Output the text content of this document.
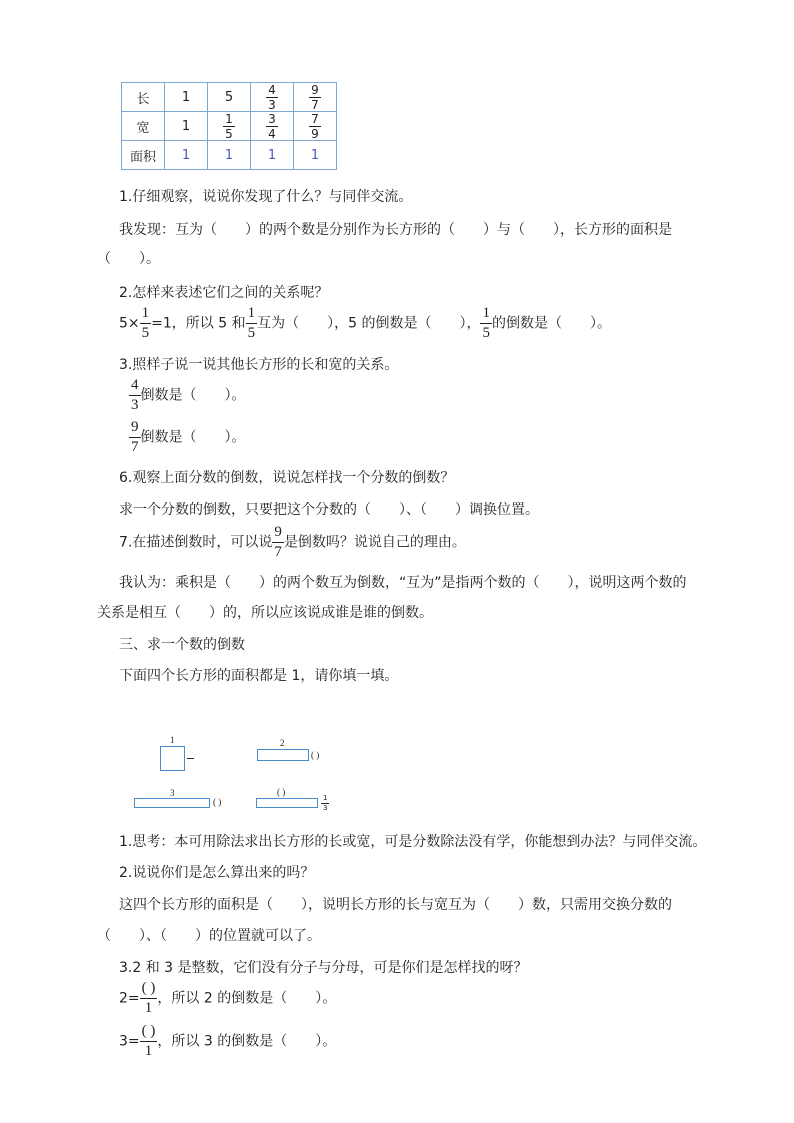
长	1	5	$\frac{4}{3}$	$\frac{9}{7}$

宽	1	$\frac{1}{5}$	$\frac{3}{4}$	$\frac{7}{9}$

面积	1	1	1	1
1.仔细观察，说说你发现了什么？与同伴交流。
我发现：互为（　　）的两个数是分别作为长方形的（　　）与（　　），长方形的面积是
（　　）。
2.怎样来表述它们之间的关系呢？
$5\times \frac{1}{5} =1$，所以 5 和 $\frac{1}{5}$ 互为（　　），5 的倒数是（　　）， $\frac{1}{5}$ 的倒数是（　　）。
3.照样子说一说其他长方形的长和宽的关系。
$\frac{4}{3}$ 倒数是（　　）。
$\frac{9}{7}$ 倒数是（　　）。
6.观察上面分数的倒数，说说怎样找一个分数的倒数？
求一个分数的倒数，只要把这个分数的（　　）、（　　）调换位置。
7.在描述倒数时，可以说 $\frac{9}{7}$ 是倒数吗？说说自己的理由。
我认为：乘积是（　　）的两个数互为倒数，“互为”是指两个数的（　　），说明这两个数的
关系是相互（　　）的，所以应该说成谁是谁的倒数。
三、求一个数的倒数
下面四个长方形的面积都是 1，请你填一填。
1	2
( )
3
( )
( )
$\frac{1}{3}$
1.思考：本可用除法求出长方形的长或宽，可是分数除法没有学，你能想到办法？与同伴交流。
2.说说你们是怎么算出来的吗？
这四个长方形的面积是（　　），说明长方形的长与宽互为（　　）数，只需用交换分数的
（　　）、（　　）的位置就可以了。
3.2 和 3 是整数，它们没有分子与分母，可是你们是怎样找的呀？
2=
( )
1
，所以 2 的倒数是（　　）。
3=
( )
1
，所以 3 的倒数是（　　）。
